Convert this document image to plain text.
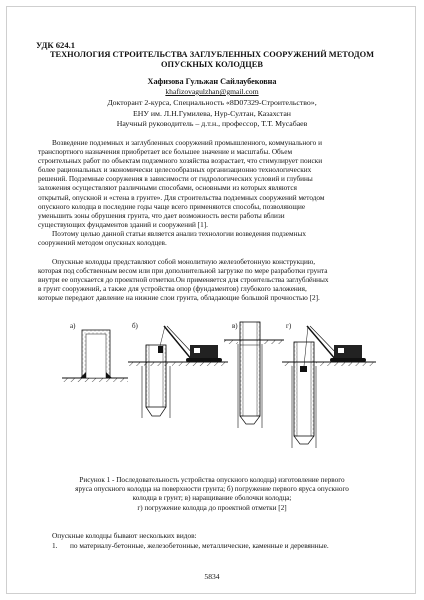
УДК 624.1
ТЕХНОЛОГИЯ СТРОИТЕЛЬСТВА ЗАГЛУБЛЕННЫХ СООРУЖЕНИЙ МЕТОДОМ
ОПУСКНЫХ КОЛОДЦЕВ
Хафизова Гульжан Сайлаубековна
khafizovagulzhan@gmail.com
Докторант 2-курса, Специальность «8D07329-Строительство»,
ЕНУ им. Л.Н.Гумилева, Нур-Султан, Казахстан
Научный руководитель – д.т.н., профессор, Т.Т. Мусабаев
Возведение подземных и заглубленных сооружений промышленного, коммунального и
транспортного назначения приобретает все большее значение и масштабы. Объем
строительных работ по объектам подземного хозяйства возрастает, что стимулирует поиски
более рациональных и экономически целесообразных организационно технологических
решений. Подземные сооружения в зависимости от гидрологических условий и глубины
заложения осуществляют различными способами, основными из которых являются
открытый, опускной и «стена в грунте». Для строительства подземных сооружений методом
опускного колодца в последние годы чаще всего применяются способы, позволяющие
уменьшить зоны обрушения грунта, что дает возможность вести работы вблизи
существующих фундаментов зданий и сооружений [1].
Поэтому целью данной статьи является анализ технологии возведения подземных
сооружений методом опускных колодцев.
Опускные колодцы представляют собой монолитную железобетонную конструкцию,
которая под собственным весом или при дополнительной загрузке по мере разработки грунта
внутри ее опускается до проектной отметки.Он применяется для строительства заглублённых
в грунт сооружений, а также для устройства опор (фундаментов) глубокого заложения,
которые передают давление на нижние слои грунта, обладающие большой прочностью [2].
а)	б)	в)	г)
Рисунок 1 - Последовательность устройства опускного колодца) изготовление первого
яруса опускного колодца на поверхности грунта; б) погружение первого яруса опускного
колодца в грунт; в) наращивание оболочки колодца;
г) погружение колодца до проектной отметки [2]
Опускные колодцы бывают нескольких видов:
1. по материалу-бетонные, железобетонные, металлические, каменные и деревянные.
5834
